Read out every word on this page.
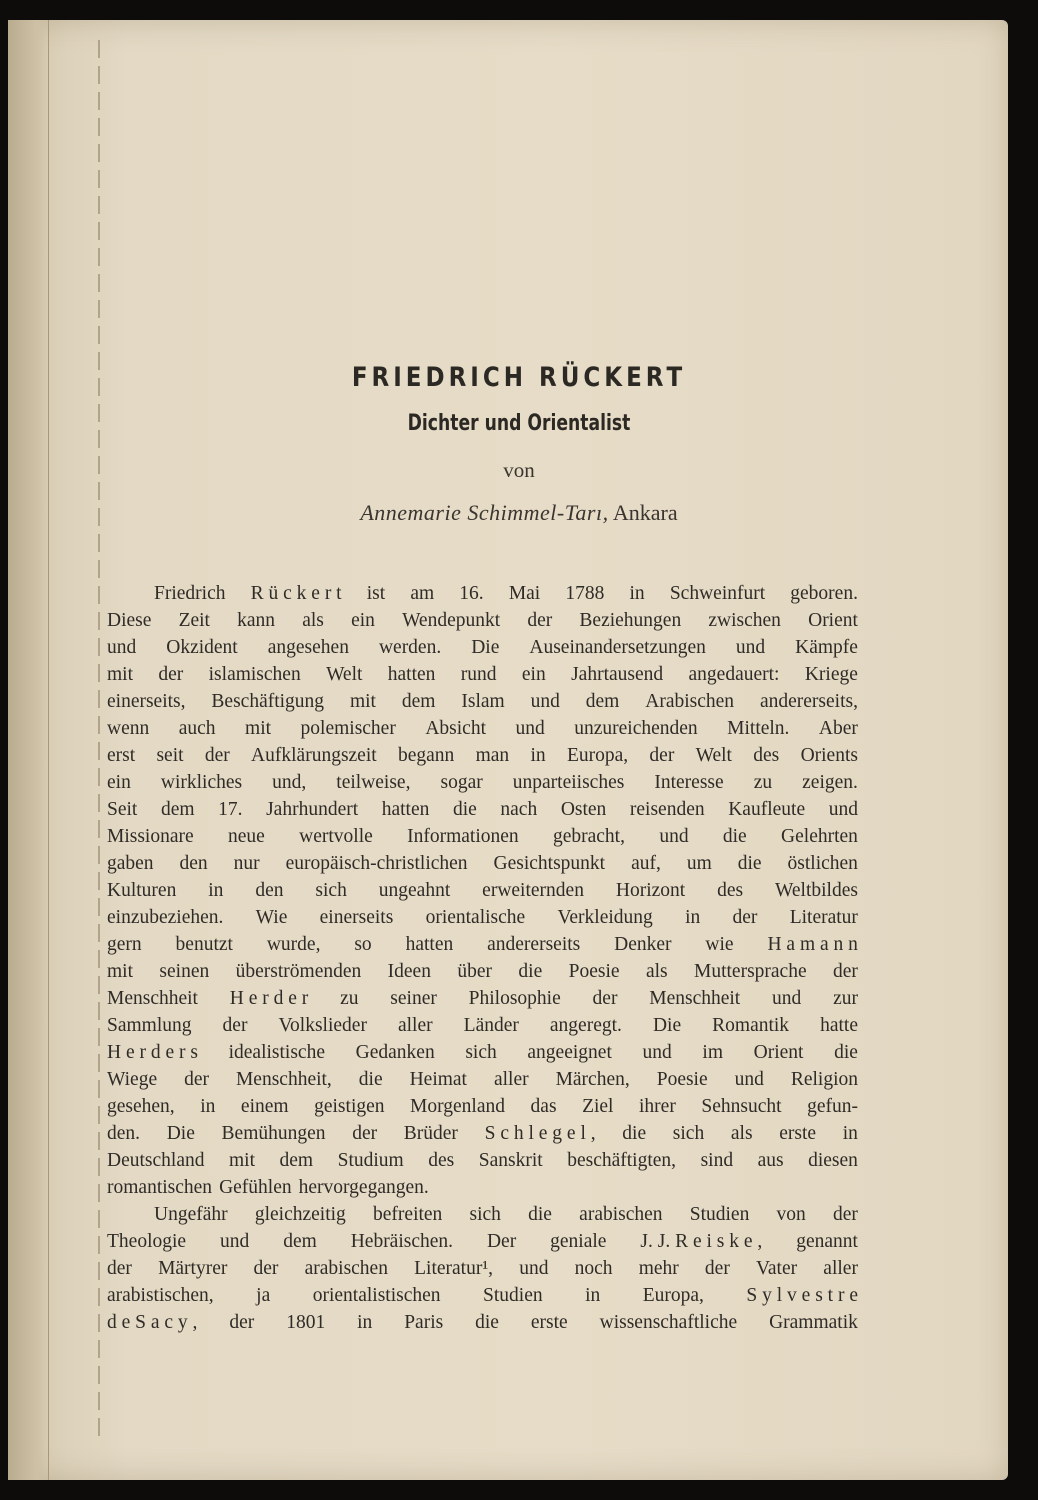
FRIEDRICH RÜCKERT
Dichter und Orientalist
von
Annemarie Schimmel-Tarı, Ankara
Friedrich R ü c k e r t ist am 16. Mai 1788 in Schweinfurt geboren.
Diese Zeit kann als ein Wendepunkt der Beziehungen zwischen Orient
und Okzident angesehen werden. Die Auseinandersetzungen und Kämpfe
mit der islamischen Welt hatten rund ein Jahrtausend angedauert: Kriege
einerseits, Beschäftigung mit dem Islam und dem Arabischen andererseits,
wenn auch mit polemischer Absicht und unzureichenden Mitteln. Aber
erst seit der Aufklärungszeit begann man in Europa, der Welt des Orients
ein wirkliches und, teilweise, sogar unparteiisches Interesse zu zeigen.
Seit dem 17. Jahrhundert hatten die nach Osten reisenden Kaufleute und
Missionare neue wertvolle Informationen gebracht, und die Gelehrten
gaben den nur europäisch-christlichen Gesichtspunkt auf, um die östlichen
Kulturen in den sich ungeahnt erweiternden Horizont des Weltbildes
einzubeziehen. Wie einerseits orientalische Verkleidung in der Literatur
gern benutzt wurde, so hatten andererseits Denker wie H a m a n n
mit seinen überströmenden Ideen über die Poesie als Muttersprache der
Menschheit H e r d e r zu seiner Philosophie der Menschheit und zur
Sammlung der Volkslieder aller Länder angeregt. Die Romantik hatte
H e r d e r s idealistische Gedanken sich angeeignet und im Orient die
Wiege der Menschheit, die Heimat aller Märchen, Poesie und Religion
gesehen, in einem geistigen Morgenland das Ziel ihrer Sehnsucht gefun-
den. Die Bemühungen der Brüder S c h l e g e l , die sich als erste in
Deutschland mit dem Studium des Sanskrit beschäftigten, sind aus diesen
romantischen Gefühlen hervorgegangen.
Ungefähr gleichzeitig befreiten sich die arabischen Studien von der
Theologie und dem Hebräischen. Der geniale J. J. R e i s k e , genannt
der Märtyrer der arabischen Literatur¹, und noch mehr der Vater aller
arabistischen, ja orientalistischen Studien in Europa, S y l v e s t r e
d e S a c y , der 1801 in Paris die erste wissenschaftliche Grammatik
